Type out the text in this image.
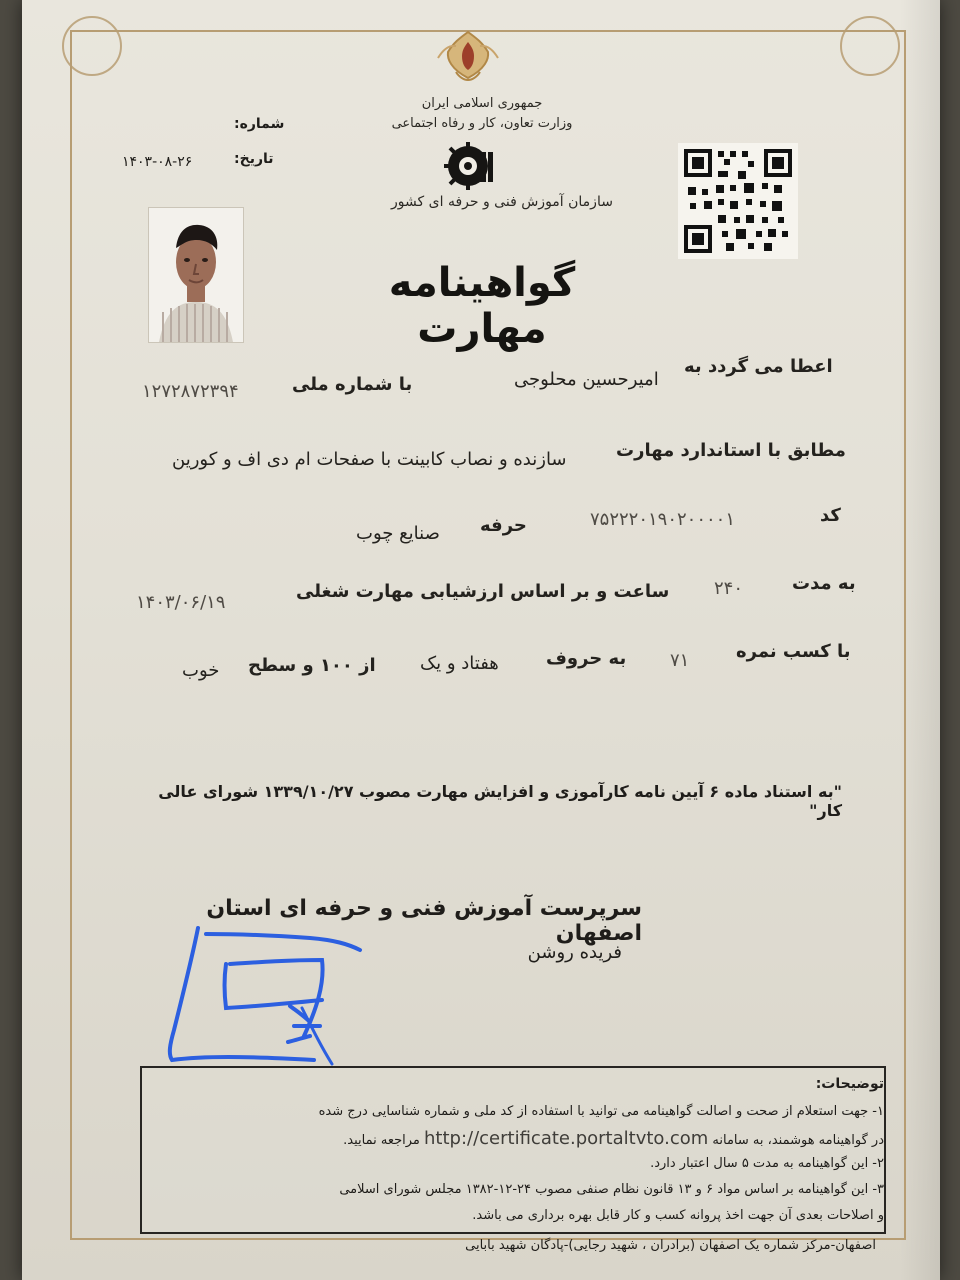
جمهوری اسلامی ایران
وزارت تعاون، کار و رفاه اجتماعی
سازمان آموزش فنی و حرفه ای کشور
شماره:
تاریخ:
۱۴۰۳-۰۸-۲۶
گواهینامه مهارت
اعطا می گردد به
امیرحسین محلوجی
با شماره ملی
۱۲۷۲۸۷۲۳۹۴
مطابق با استاندارد مهارت
سازنده و نصاب کابینت با صفحات ام دی اف و کورین
کد
۷۵۲۲۲۰۱۹۰۲۰۰۰۰۱
حرفه
صنایع چوب
به مدت
۲۴۰
ساعت و بر اساس ارزشیابی مهارت شغلی
۱۴۰۳/۰۶/۱۹
با کسب نمره
۷۱
به حروف
هفتاد و یک
از ۱۰۰ و سطح
خوب
"به استناد ماده ۶ آیین نامه کارآموزی و افزایش مهارت مصوب ۱۳۳۹/۱۰/۲۷ شورای عالی کار"
سرپرست آموزش فنی و حرفه ای استان اصفهان
فریده روشن
توضیحات:
۱- جهت استعلام از صحت و اصالت گواهینامه می توانید با استفاده از کد ملی و شماره شناسایی درج شده
در گواهینامه هوشمند، به سامانه http://certificate.portaltvto.com مراجعه نمایید.
۲- این گواهینامه به مدت ۵ سال اعتبار دارد.
۳- این گواهینامه بر اساس مواد ۶ و ۱۳ قانون نظام صنفی مصوب ۲۴-۱۲-۱۳۸۲ مجلس شورای اسلامی
و اصلاحات بعدی آن جهت اخذ پروانه کسب و کار قابل بهره برداری می باشد.
اصفهان-مرکز شماره یک اصفهان (برادران ، شهید رجایی)-پادگان شهید بابایی
